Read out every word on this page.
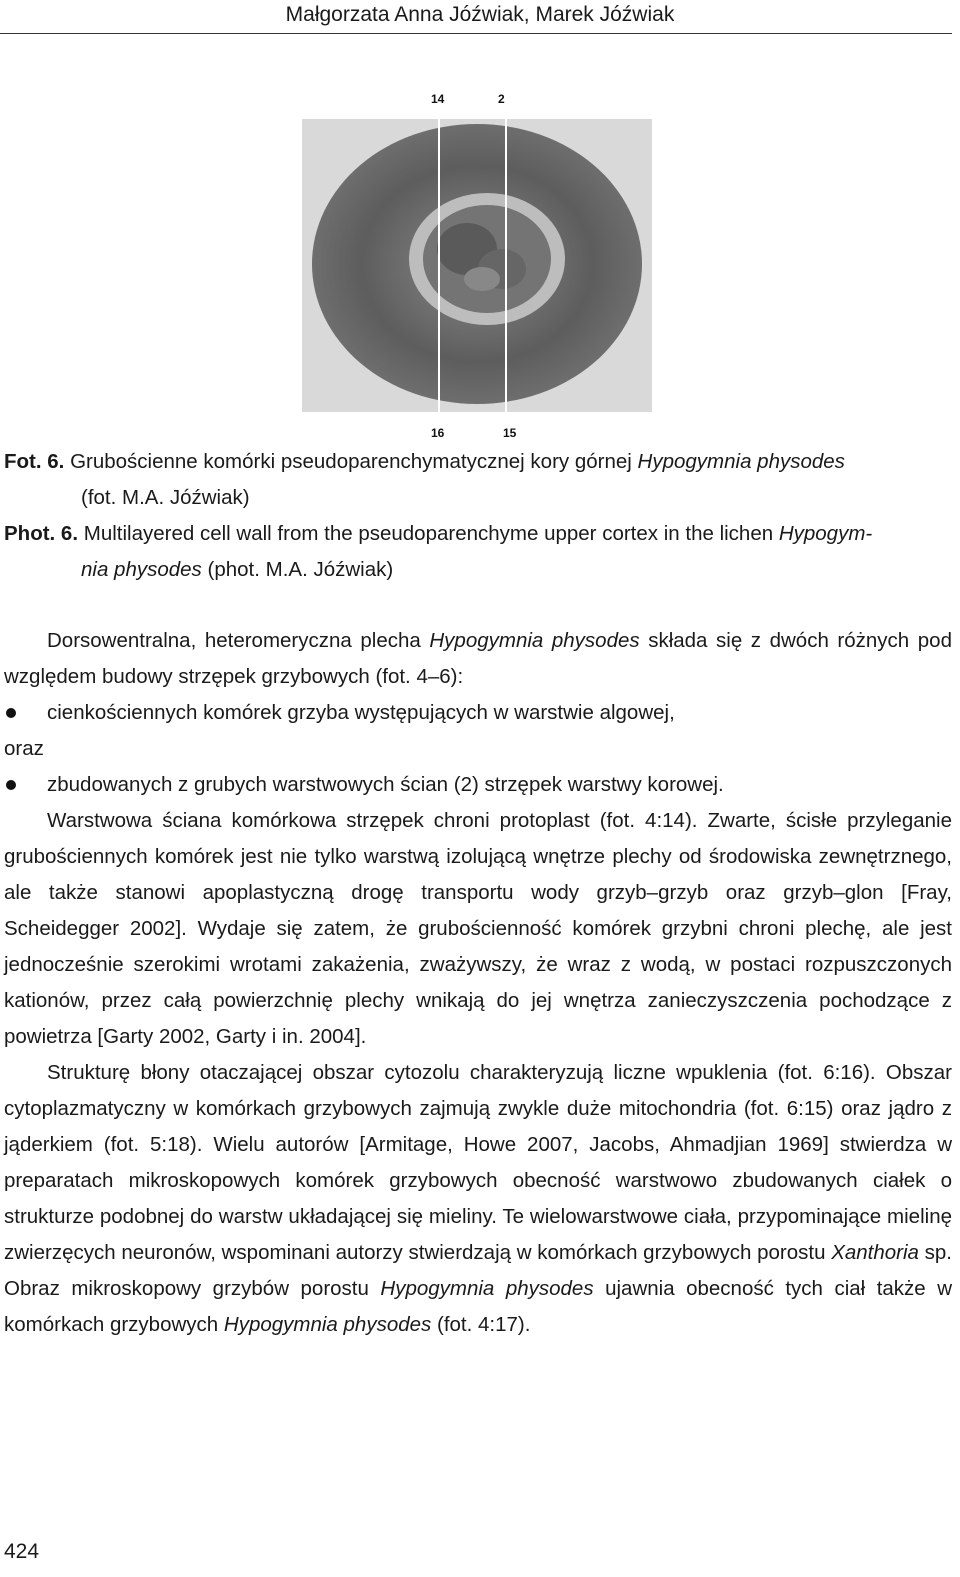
Małgorzata Anna Jóźwiak, Marek Jóźwiak
14	2
16	15
Fot. 6. Grubościenne komórki pseudoparenchymatycznej kory górnej Hypogymnia physodes
(fot. M.A. Jóźwiak)
Phot. 6. Multilayered cell wall from the pseudoparenchyme upper cortex in the lichen Hypogym-
nia physodes (phot. M.A. Jóźwiak)

Dorsowentralna, heteromeryczna plecha Hypogymnia physodes składa się z dwóch różnych pod względem budowy strzępek grzybowych (fot. 4–6):

cienkościennych komórek grzyba występujących w warstwie algowej,
oraz
zbudowanych z grubych warstwowych ścian (2) strzępek warstwy korowej.

Warstwowa ściana komórkowa strzępek chroni protoplast (fot. 4:14). Zwarte, ścisłe przyleganie grubościennych komórek jest nie tylko warstwą izolującą wnętrze plechy od środowiska zewnętrznego, ale także stanowi apoplastyczną drogę transportu wody grzyb–grzyb oraz grzyb–glon [Fray, Scheidegger 2002]. Wydaje się zatem, że grubościenność komórek grzybni chroni plechę, ale jest jednocześnie szerokimi wrotami zakażenia, zważywszy, że wraz z wodą, w postaci rozpuszczonych kationów, przez całą powierzchnię plechy wnikają do jej wnętrza zanieczyszczenia pochodzące z powietrza [Garty 2002, Garty i in. 2004].

Strukturę błony otaczającej obszar cytozolu charakteryzują liczne wpuklenia (fot. 6:16). Obszar cytoplazmatyczny w komórkach grzybowych zajmują zwykle duże mitochondria (fot. 6:15) oraz jądro z jąderkiem (fot. 5:18). Wielu autorów [Armitage, Howe 2007, Jacobs, Ahmadjian 1969] stwierdza w preparatach mikroskopowych komórek grzybowych obecność warstwowo zbudowanych ciałek o strukturze podobnej do warstw układającej się mieliny. Te wielowarstwowe ciała, przypominające mielinę zwierzęcych neuronów, wspominani autorzy stwierdzają w komórkach grzybowych porostu Xanthoria sp. Obraz mikroskopowy grzybów porostu Hypogymnia physodes ujawnia obecność tych ciał także w komórkach grzybowych Hypogymnia physodes (fot. 4:17).

424
